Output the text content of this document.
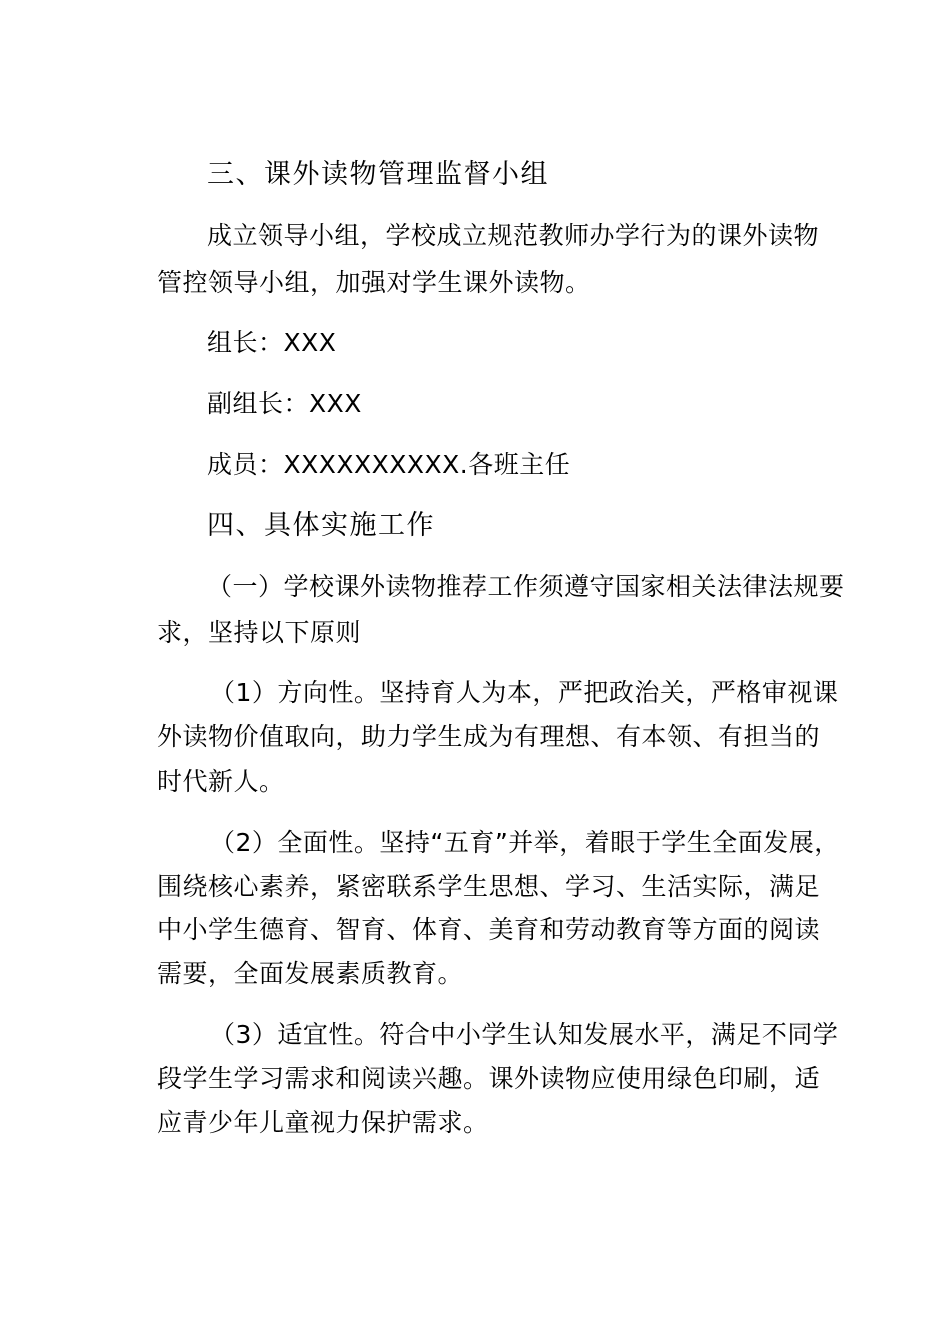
三、课外读物管理监督小组
成立领导小组，学校成立规范教师办学行为的课外读物
管控领导小组，加强对学生课外读物。
组长：XXX
副组长：XXX
成员：XXXXXXXXXX.各班主任
四、具体实施工作
（一）学校课外读物推荐工作须遵守国家相关法律法规要
求，坚持以下原则
（1）方向性。坚持育人为本，严把政治关，严格审视课
外读物价值取向，助力学生成为有理想、有本领、有担当的
时代新人。
（2）全面性。坚持“五育”并举，着眼于学生全面发展，
围绕核心素养，紧密联系学生思想、学习、生活实际，满足
中小学生德育、智育、体育、美育和劳动教育等方面的阅读
需要，全面发展素质教育。
（3）适宜性。符合中小学生认知发展水平，满足不同学
段学生学习需求和阅读兴趣。课外读物应使用绿色印刷，适
应青少年儿童视力保护需求。
